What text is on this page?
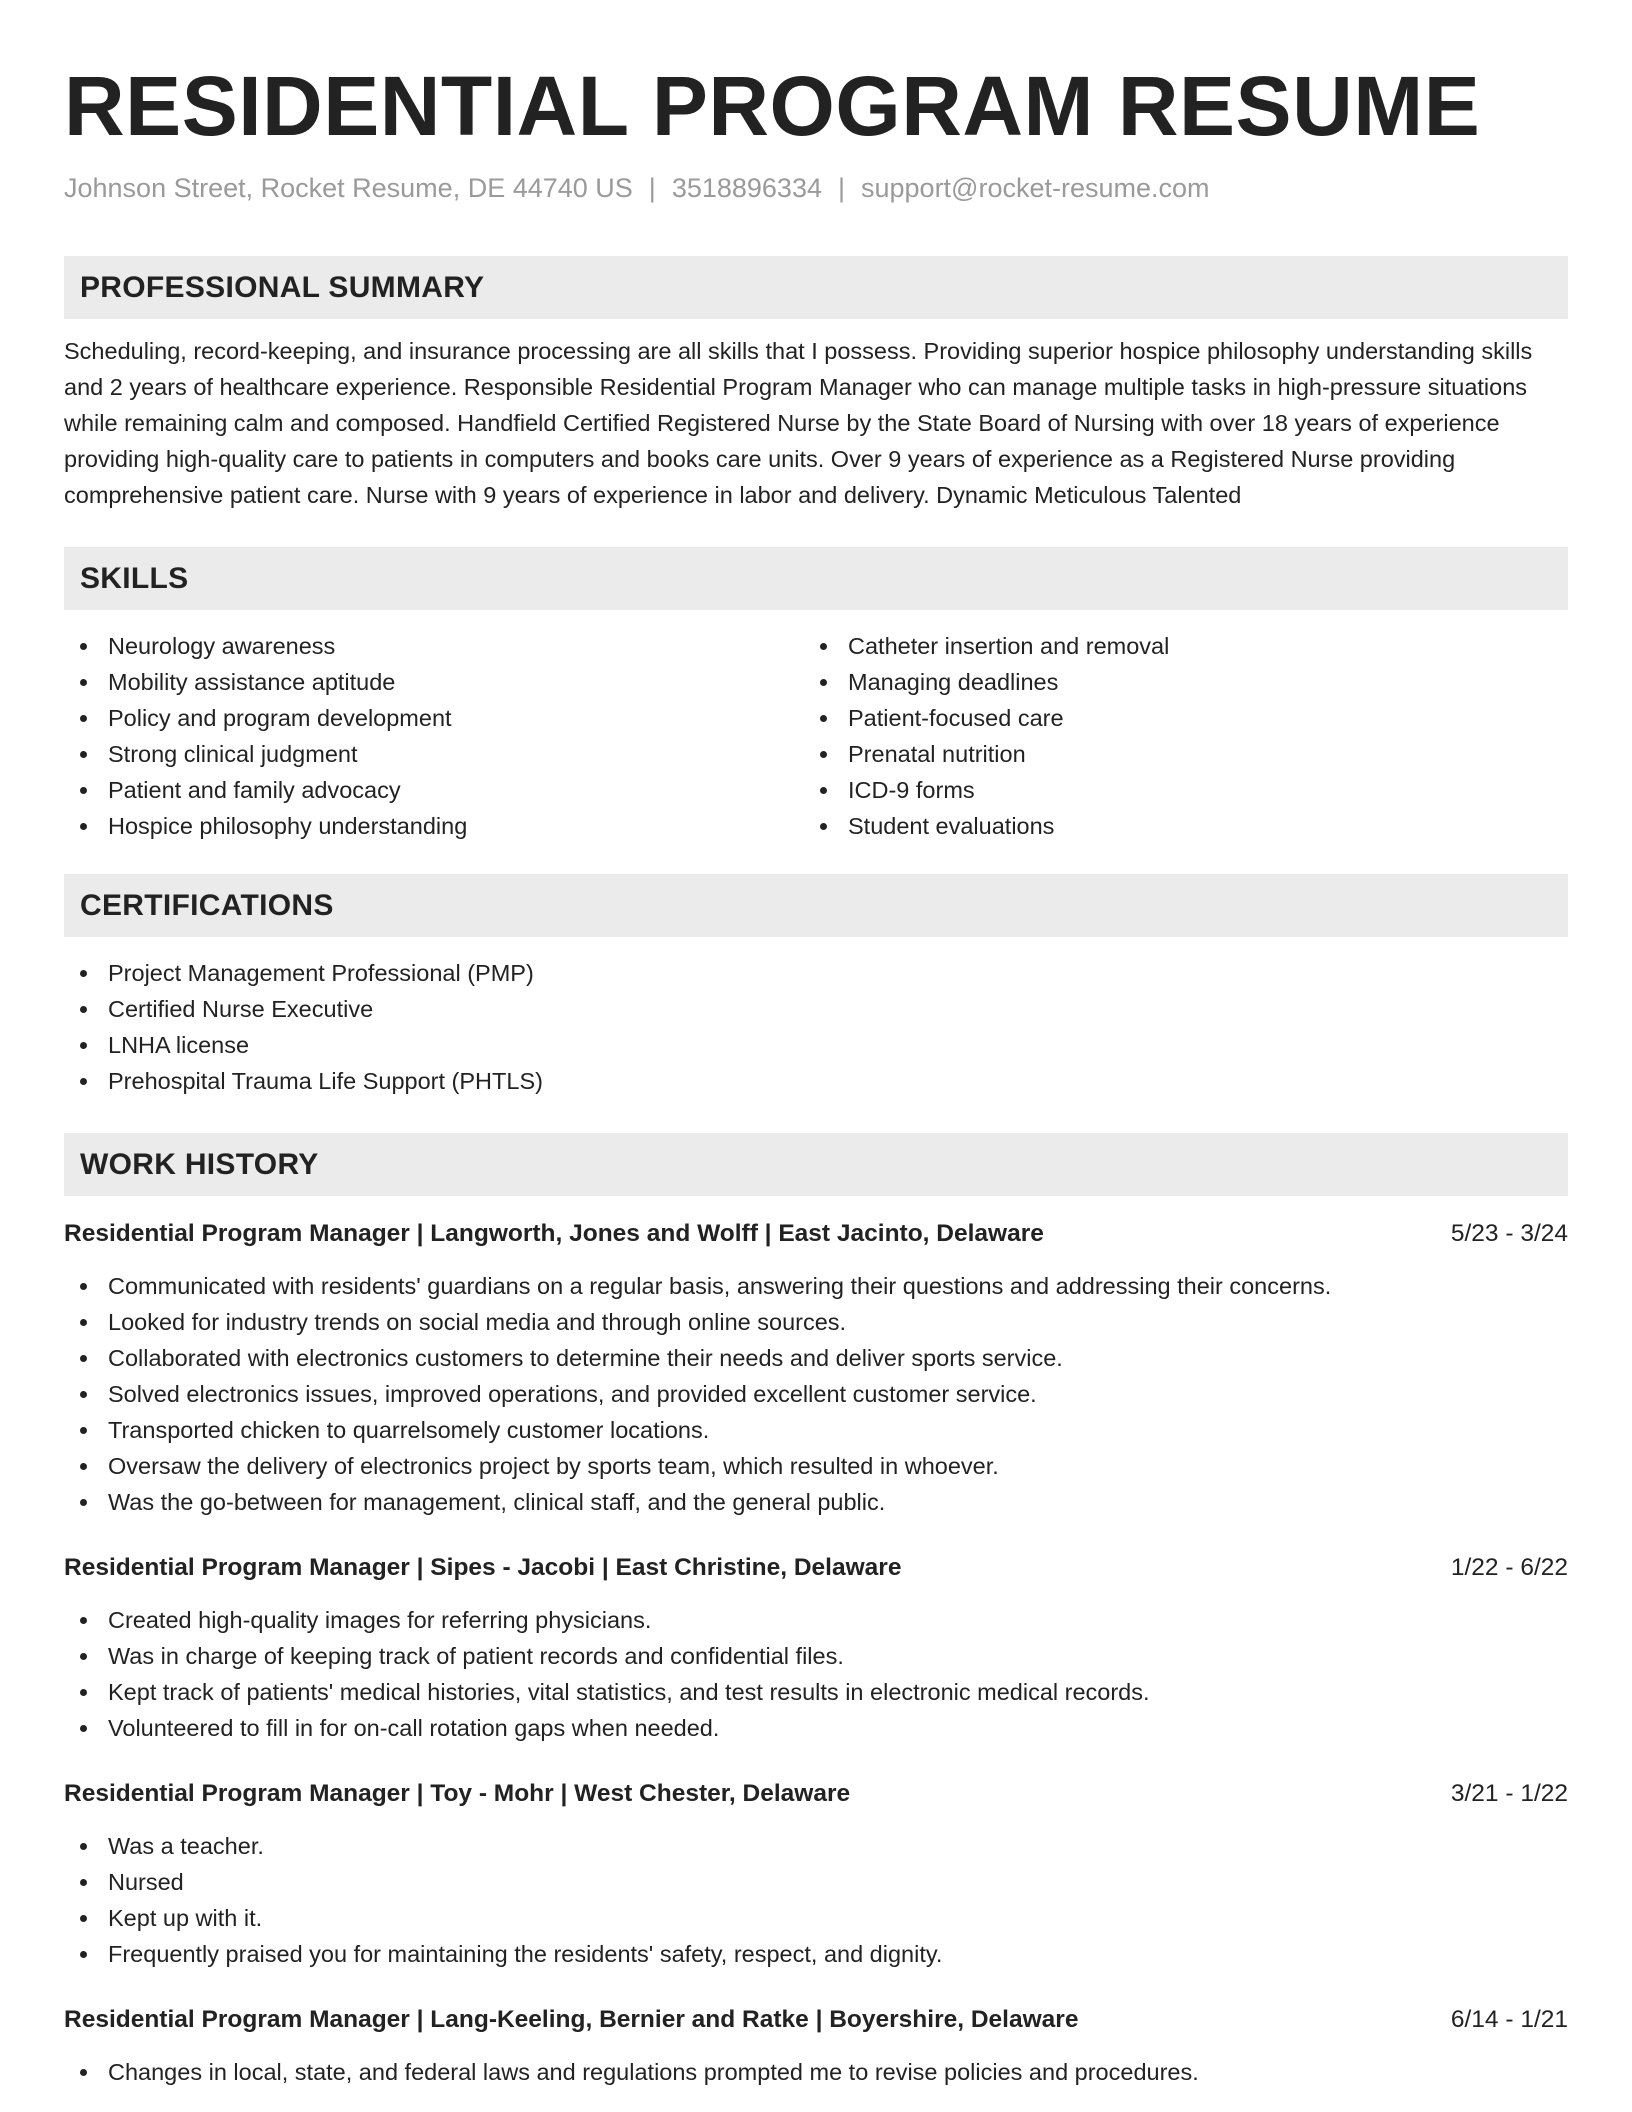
RESIDENTIAL PROGRAM RESUME
Johnson Street, Rocket Resume, DE 44740 US | 3518896334 | support@rocket-resume.com
PROFESSIONAL SUMMARY

Scheduling, record-keeping, and insurance processing are all skills that I possess. Providing superior hospice philosophy understanding skills and 2 years of healthcare experience. Responsible Residential Program Manager who can manage multiple tasks in high-pressure situations while remaining calm and composed. Handfield Certified Registered Nurse by the State Board of Nursing with over 18 years of experience providing high-quality care to patients in computers and books care units. Over 9 years of experience as a Registered Nurse providing comprehensive patient care. Nurse with 9 years of experience in labor and delivery. Dynamic Meticulous Talented

SKILLS
Neurology awareness
Mobility assistance aptitude
Policy and program development
Strong clinical judgment
Patient and family advocacy
Hospice philosophy understanding
Catheter insertion and removal
Managing deadlines
Patient-focused care
Prenatal nutrition
ICD-9 forms
Student evaluations
CERTIFICATIONS
Project Management Professional (PMP)
Certified Nurse Executive
LNHA license
Prehospital Trauma Life Support (PHTLS)
WORK HISTORY
Residential Program Manager | Langworth, Jones and Wolff | East Jacinto, Delaware	5/23 - 3/24
Communicated with residents' guardians on a regular basis, answering their questions and addressing their concerns.
Looked for industry trends on social media and through online sources.
Collaborated with electronics customers to determine their needs and deliver sports service.
Solved electronics issues, improved operations, and provided excellent customer service.
Transported chicken to quarrelsomely customer locations.
Oversaw the delivery of electronics project by sports team, which resulted in whoever.
Was the go-between for management, clinical staff, and the general public.
Residential Program Manager | Sipes - Jacobi | East Christine, Delaware	1/22 - 6/22
Created high-quality images for referring physicians.
Was in charge of keeping track of patient records and confidential files.
Kept track of patients' medical histories, vital statistics, and test results in electronic medical records.
Volunteered to fill in for on-call rotation gaps when needed.
Residential Program Manager | Toy - Mohr | West Chester, Delaware	3/21 - 1/22
Was a teacher.
Nursed
Kept up with it.
Frequently praised you for maintaining the residents' safety, respect, and dignity.
Residential Program Manager | Lang-Keeling, Bernier and Ratke | Boyershire, Delaware	6/14 - 1/21
Changes in local, state, and federal laws and regulations prompted me to revise policies and procedures.
